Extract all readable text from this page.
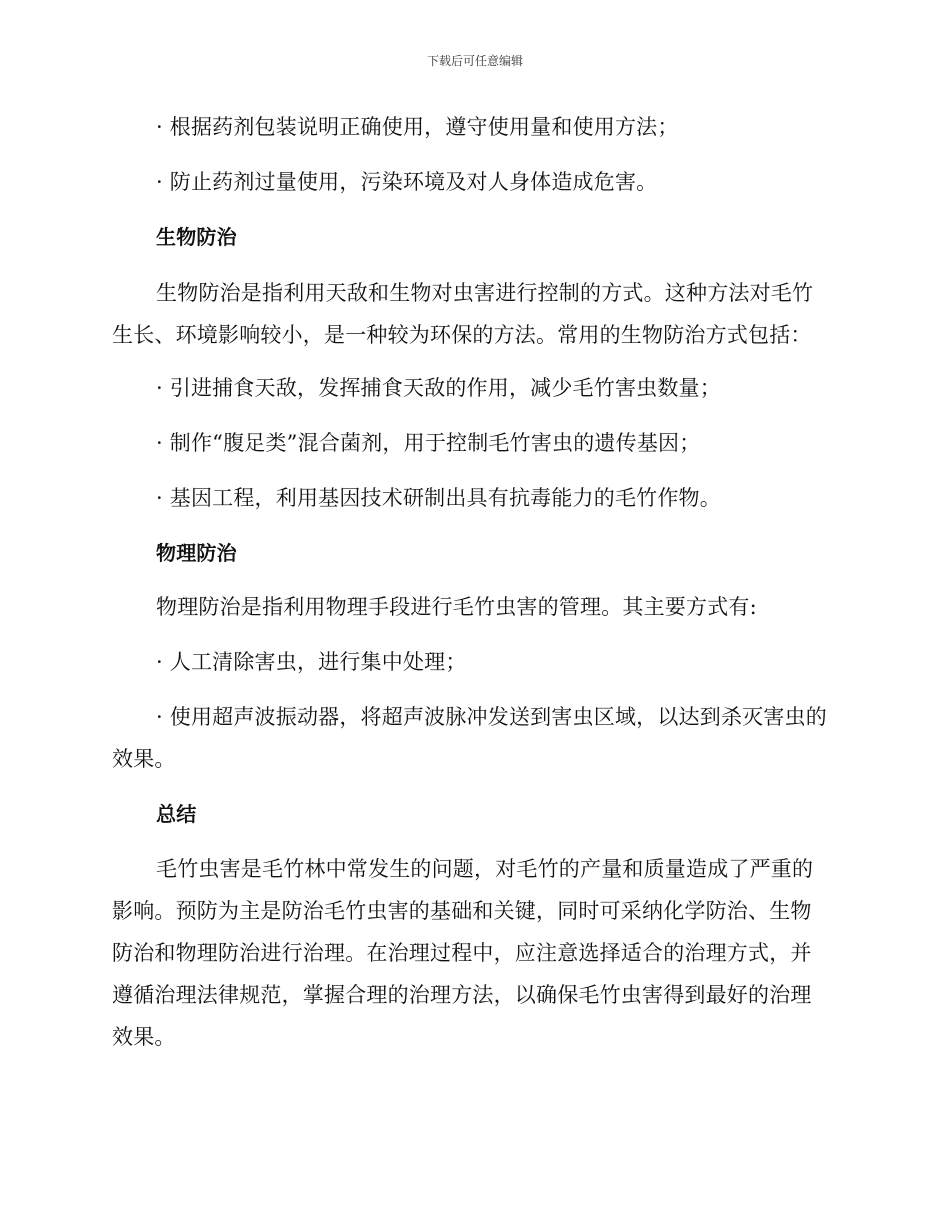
下载后可任意编辑
· 根据药剂包装说明正确使用，遵守使用量和使用方法；
· 防止药剂过量使用，污染环境及对人身体造成危害。
生物防治
生物防治是指利用天敌和生物对虫害进行控制的方式。这种方法对毛竹生长、环境影响较小，是一种较为环保的方法。常用的生物防治方式包括：
· 引进捕食天敌，发挥捕食天敌的作用，减少毛竹害虫数量；
· 制作“腹足类”混合菌剂，用于控制毛竹害虫的遗传基因；
· 基因工程，利用基因技术研制出具有抗毒能力的毛竹作物。
物理防治
物理防治是指利用物理手段进行毛竹虫害的管理。其主要方式有:
· 人工清除害虫，进行集中处理；
· 使用超声波振动器，将超声波脉冲发送到害虫区域，以达到杀灭害虫的效果。
总结
毛竹虫害是毛竹林中常发生的问题，对毛竹的产量和质量造成了严重的影响。预防为主是防治毛竹虫害的基础和关键，同时可采纳化学防治、生物防治和物理防治进行治理。在治理过程中，应注意选择适合的治理方式，并遵循治理法律规范，掌握合理的治理方法，以确保毛竹虫害得到最好的治理效果。
